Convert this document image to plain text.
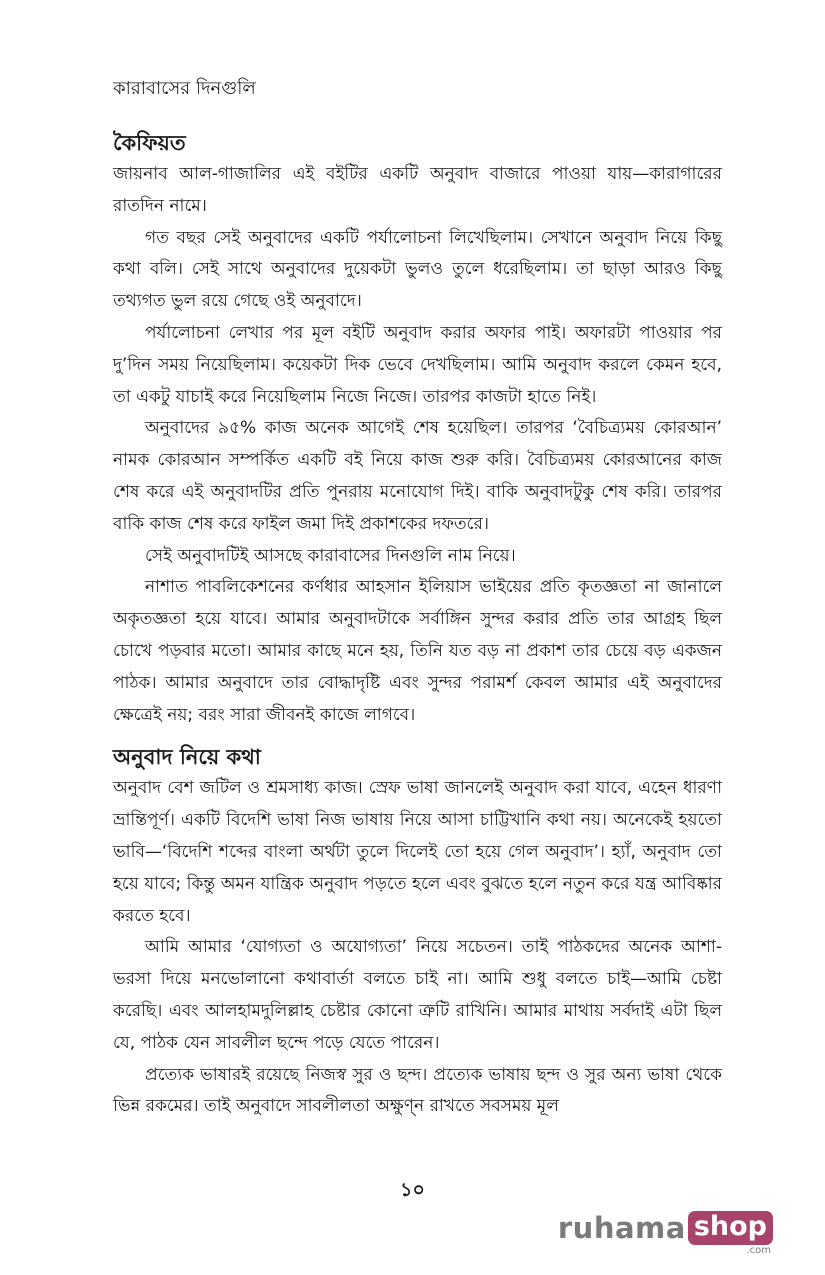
কারাবাসের দিনগুলি
কৈফিয়ত

জায়নাব আল-গাজালির এই বইটির একটি অনুবাদ বাজারে পাওয়া যায়—কারাগারের রাতদিন নামে।

গত বছর সেই অনুবাদের একটি পর্যালোচনা লিখেছিলাম। সেখানে অনুবাদ নিয়ে কিছু কথা বলি। সেই সাথে অনুবাদের দুয়েকটা ভুলও তুলে ধরেছিলাম। তা ছাড়া আরও কিছু তথ্যগত ভুল রয়ে গেছে ওই অনুবাদে।

পর্যালোচনা লেখার পর মূল বইটি অনুবাদ করার অফার পাই। অফারটা পাওয়ার পর দু’দিন সময় নিয়েছিলাম। কয়েকটা দিক ভেবে দেখছিলাম। আমি অনুবাদ করলে কেমন হবে, তা একটু যাচাই করে নিয়েছিলাম নিজে নিজে। তারপর কাজটা হাতে নিই।

অনুবাদের ৯৫% কাজ অনেক আগেই শেষ হয়েছিল। তারপর ‘বৈচিত্র্যময় কোরআন’ নামক কোরআন সম্পর্কিত একটি বই নিয়ে কাজ শুরু করি। বৈচিত্র্যময় কোরআনের কাজ শেষ করে এই অনুবাদটির প্রতি পুনরায় মনোযোগ দিই। বাকি অনুবাদটুকু শেষ করি। তারপর বাকি কাজ শেষ করে ফাইল জমা দিই প্রকাশকের দফতরে।

সেই অনুবাদটিই আসছে কারাবাসের দিনগুলি নাম নিয়ে।

নাশাত পাবলিকেশনের কর্ণধার আহসান ইলিয়াস ভাইয়ের প্রতি কৃতজ্ঞতা না জানালে অকৃতজ্ঞতা হয়ে যাবে। আমার অনুবাদটাকে সর্বাঙ্গিন সুন্দর করার প্রতি তার আগ্রহ ছিল চোখে পড়বার মতো। আমার কাছে মনে হয়, তিনি যত বড় না প্রকাশ তার চেয়ে বড় একজন পাঠক। আমার অনুবাদে তার বোদ্ধাদৃষ্টি এবং সুন্দর পরামর্শ কেবল আমার এই অনুবাদের ক্ষেত্রেই নয়; বরং সারা জীবনই কাজে লাগবে।

অনুবাদ নিয়ে কথা

অনুবাদ বেশ জটিল ও শ্রমসাধ্য কাজ। স্রেফ ভাষা জানলেই অনুবাদ করা যাবে, এহেন ধারণা ভ্রান্তিপূর্ণ। একটি বিদেশি ভাষা নিজ ভাষায় নিয়ে আসা চাট্টিখানি কথা নয়। অনেকেই হয়তো ভাবি—‘বিদেশি শব্দের বাংলা অর্থটা তুলে দিলেই তো হয়ে গেল অনুবাদ’। হ্যাঁ, অনুবাদ তো হয়ে যাবে; কিন্তু অমন যান্ত্রিক অনুবাদ পড়তে হলে এবং বুঝতে হলে নতুন করে যন্ত্র আবিষ্কার করতে হবে।

আমি আমার ‘যোগ্যতা ও অযোগ্যতা’ নিয়ে সচেতন। তাই পাঠকদের অনেক আশা-ভরসা দিয়ে মনভোলানো কথাবার্তা বলতে চাই না। আমি শুধু বলতে চাই—আমি চেষ্টা করেছি। এবং আলহামদুলিল্লাহ চেষ্টার কোনো ত্রুটি রাখিনি। আমার মাথায় সর্বদাই এটা ছিল যে, পাঠক যেন সাবলীল ছন্দে পড়ে যেতে পারেন।

প্রত্যেক ভাষারই রয়েছে নিজস্ব সুর ও ছন্দ। প্রত্যেক ভাষায় ছন্দ ও সুর অন্য ভাষা থেকে ভিন্ন রকমের। তাই অনুবাদে সাবলীলতা অক্ষুণ্ন রাখতে সবসময় মূল

১০
ruhama shop
.com
